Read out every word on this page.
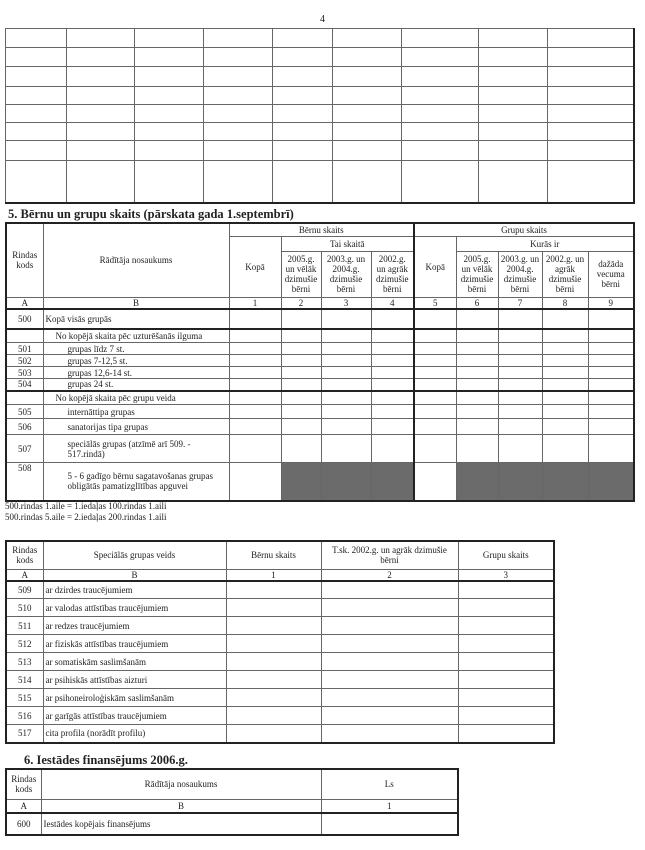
4

5. Bērnu un grupu skaits (pārskata gada 1.septembrī)
Rindas kods	Rādītāja nosaukums	Bērnu skaits				Grupu skaits				
		Kopā	Tai skaitā			Kopā	Kurās ir			
			2005.g. un vēlāk dzimušie bērni	2003.g. un 2004.g. dzimušie bērni	2002.g. un agrāk dzimušie bērni		2005.g. un vēlāk dzimušie bērni	2003.g. un 2004.g. dzimušie bērni	2002.g. un agrāk dzimušie bērni	dažāda vecuma bērni
A	B	1	2	3	4	5	6	7	8	9
500	Kopā visās grupās									
	No kopējā skaita pēc uzturēšanās ilguma									
501	grupas līdz 7 st.									
502	grupas 7-12,5 st.									
503	grupas 12,6-14 st.									
504	grupas 24 st.									
	No kopējā skaita pēc grupu veida									
505	internāttipa grupas									
506	sanatorijas tipa grupas									
507	speciālās grupas (atzīmē arī 509. - 517.rindā)									
508	5 - 6 gadīgo bērnu sagatavošanas grupas obligātās pamatizglītības apguvei									
500.rindas 1.aile = 1.iedaļas 100.rindas 1.aili
500.rindas 5.aile = 2.iedaļas 200.rindas 1.aili
Rindas kods	Speciālās grupas veids	Bērnu skaits	T.sk. 2002.g. un agrāk dzimušie bērni	Grupu skaits
A	B	1	2	3
509	ar dzirdes traucējumiem			
510	ar valodas attīstības traucējumiem			
511	ar redzes traucējumiem			
512	ar fiziskās attīstības traucējumiem			
513	ar somatiskām saslimšanām			
514	ar psihiskās attīstības aizturi			
515	ar psihoneiroloģiskām saslimšanām			
516	ar garīgās attīstības traucējumiem			
517	cita profila (norādīt profilu)			
6. Iestādes finansējums 2006.g.
Rindas kods	Rādītāja nosaukums	Ls
A	B	1
600	Iestādes kopējais finansējums	
